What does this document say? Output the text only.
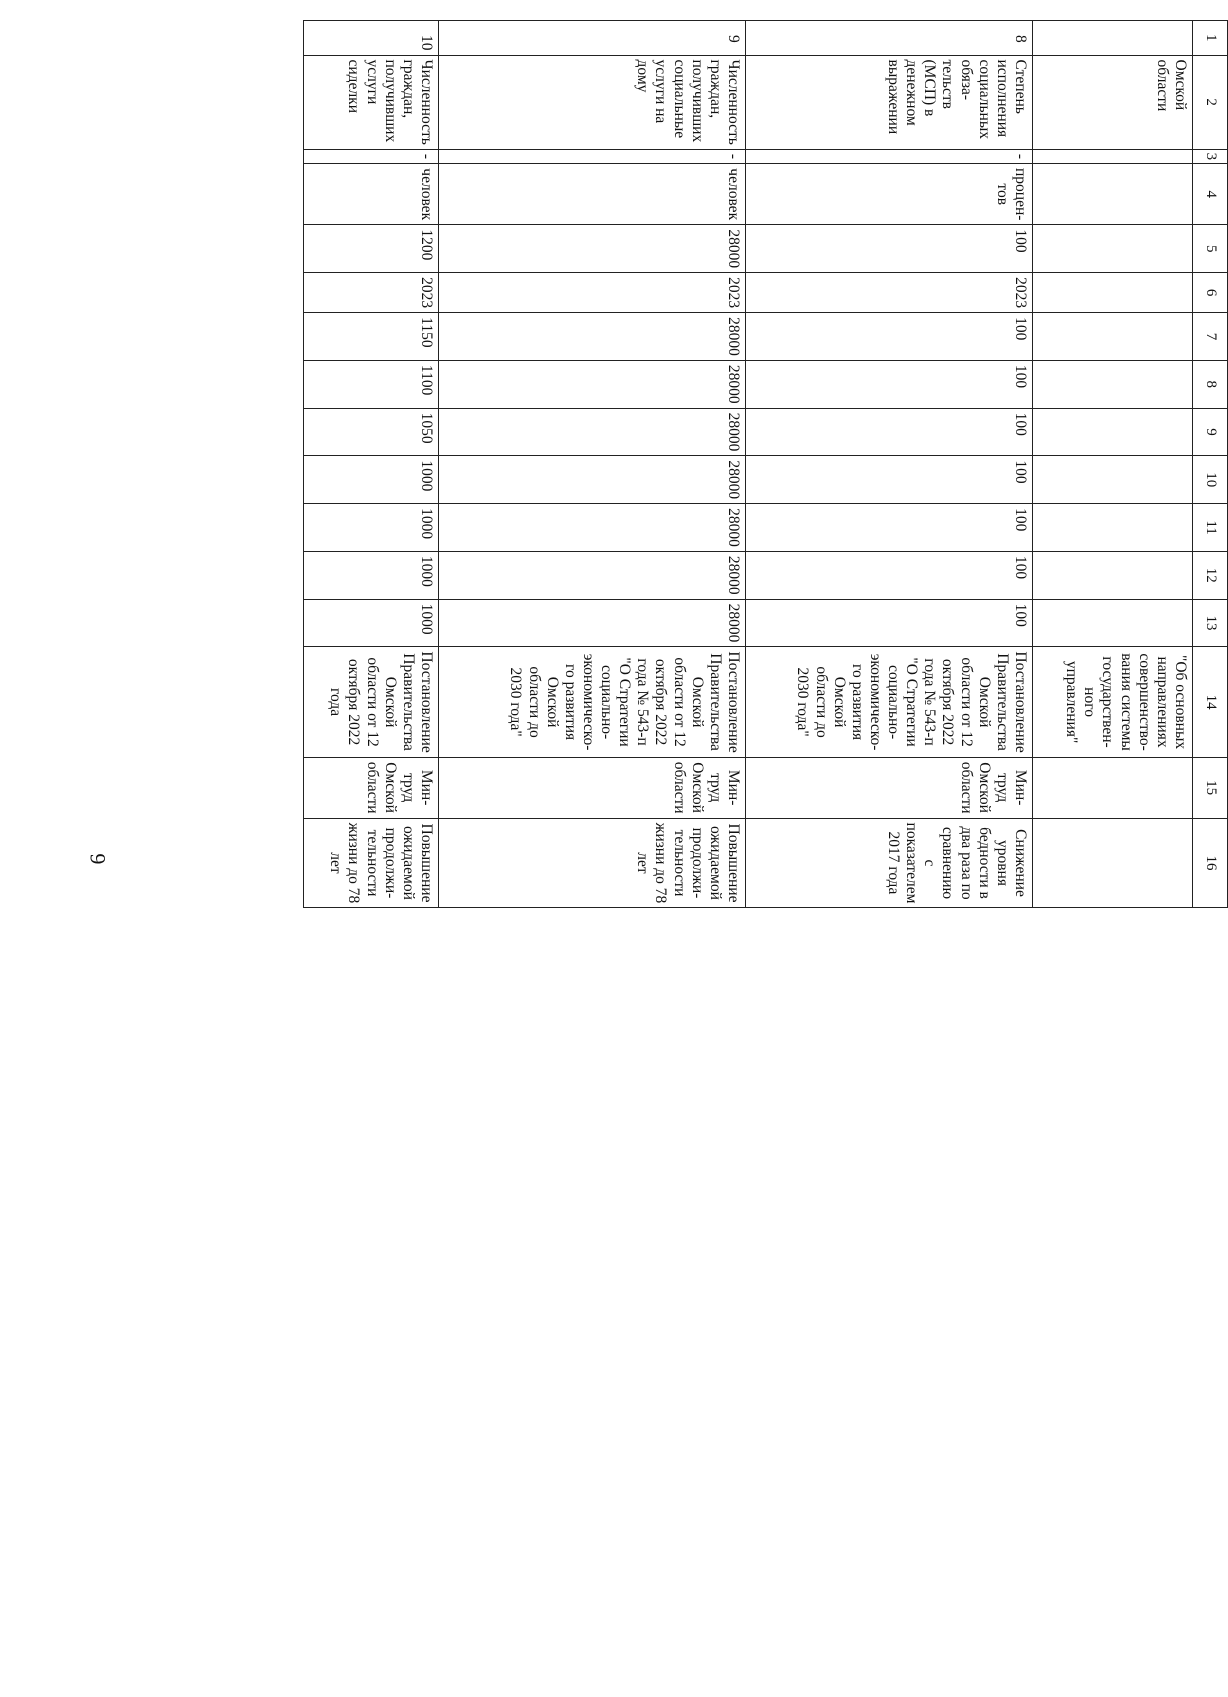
6
1	2	3	4	5	6	7	8	9	10	11	12	13	14	15	16
	Омской области												"Об основных направлениях совершенство-вания системы государствен-ного управления"		
8	Степень исполнения социальных обяза-тельств (МСП) в денежном выражении	-	процен-тов	100	2023	100	100	100	100	100	100	100	Постановление Правительства Омской области от 12 октября 2022 года № 543-п "О Стратегии социально-экономическо-го развития Омской области до 2030 года"	Мин-труд Омской области	Снижение уровня бедности в два раза по сравнению с показателем 2017 года
9	Численность граждан, получивших социальные услуги на дому	-	человек	28000	2023	28000	28000	28000	28000	28000	28000	28000	Постановление Правительства Омской области от 12 октября 2022 года № 543-п "О Стратегии социально-экономическо-го развития Омской области до 2030 года"	Мин-труд Омской области	Повышение ожидаемой продолжи-тельности жизни до 78 лет
10	Численность граждан, получивших услуги сиделки	-	человек	1200	2023	1150	1100	1050	1000	1000	1000	1000	Постановление Правительства Омской области от 12 октября 2022 года	Мин-труд Омской области	Повышение ожидаемой продолжи-тельности жизни до 78 лет
